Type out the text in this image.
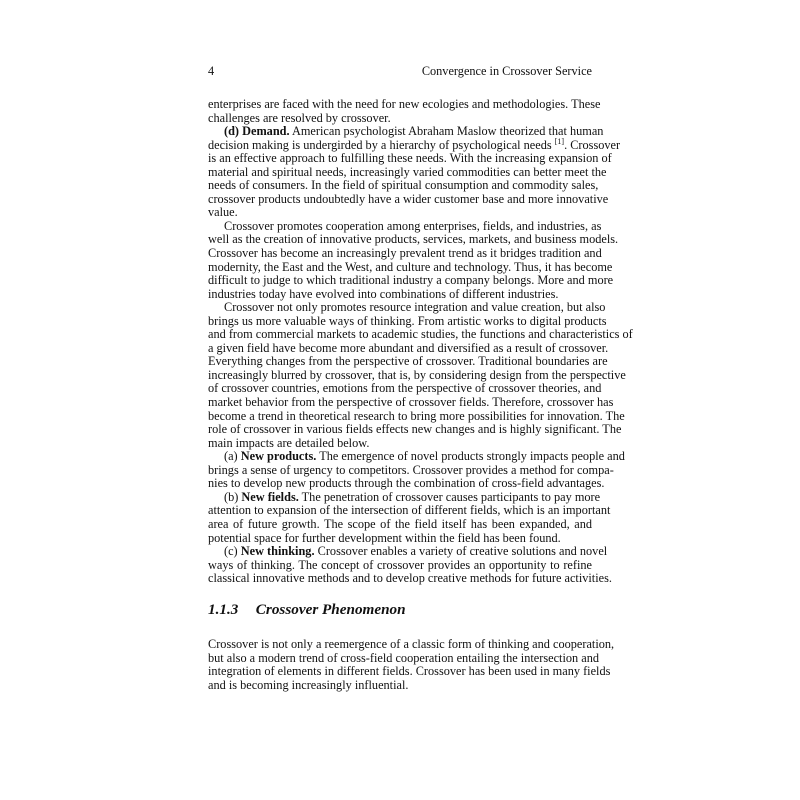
4	Convergence in Crossover Service
enterprises are faced with the need for new ecologies and methodologies. These
challenges are resolved by crossover.
(d) Demand. American psychologist Abraham Maslow theorized that human
decision making is undergirded by a hierarchy of psychological needs [1]. Crossover
is an effective approach to fulfilling these needs. With the increasing expansion of
material and spiritual needs, increasingly varied commodities can better meet the
needs of consumers. In the field of spiritual consumption and commodity sales,
crossover products undoubtedly have a wider customer base and more innovative
value.
Crossover promotes cooperation among enterprises, fields, and industries, as
well as the creation of innovative products, services, markets, and business models.
Crossover has become an increasingly prevalent trend as it bridges tradition and
modernity, the East and the West, and culture and technology. Thus, it has become
difficult to judge to which traditional industry a company belongs. More and more
industries today have evolved into combinations of different industries.
Crossover not only promotes resource integration and value creation, but also
brings us more valuable ways of thinking. From artistic works to digital products
and from commercial markets to academic studies, the functions and characteristics of
a given field have become more abundant and diversified as a result of crossover.
Everything changes from the perspective of crossover. Traditional boundaries are
increasingly blurred by crossover, that is, by considering design from the perspective
of crossover countries, emotions from the perspective of crossover theories, and
market behavior from the perspective of crossover fields. Therefore, crossover has
become a trend in theoretical research to bring more possibilities for innovation. The
role of crossover in various fields effects new changes and is highly significant. The
main impacts are detailed below.
(a) New products. The emergence of novel products strongly impacts people and
brings a sense of urgency to competitors. Crossover provides a method for compa-
nies to develop new products through the combination of cross-field advantages.
(b) New fields. The penetration of crossover causes participants to pay more
attention to expansion of the intersection of different fields, which is an important
area of future growth. The scope of the field itself has been expanded, and
potential space for further development within the field has been found.
(c) New thinking. Crossover enables a variety of creative solutions and novel
ways of thinking. The concept of crossover provides an opportunity to refine
classical innovative methods and to develop creative methods for future activities.
1.1.3 Crossover Phenomenon
Crossover is not only a reemergence of a classic form of thinking and cooperation,
but also a modern trend of cross-field cooperation entailing the intersection and
integration of elements in different fields. Crossover has been used in many fields
and is becoming increasingly influential.
